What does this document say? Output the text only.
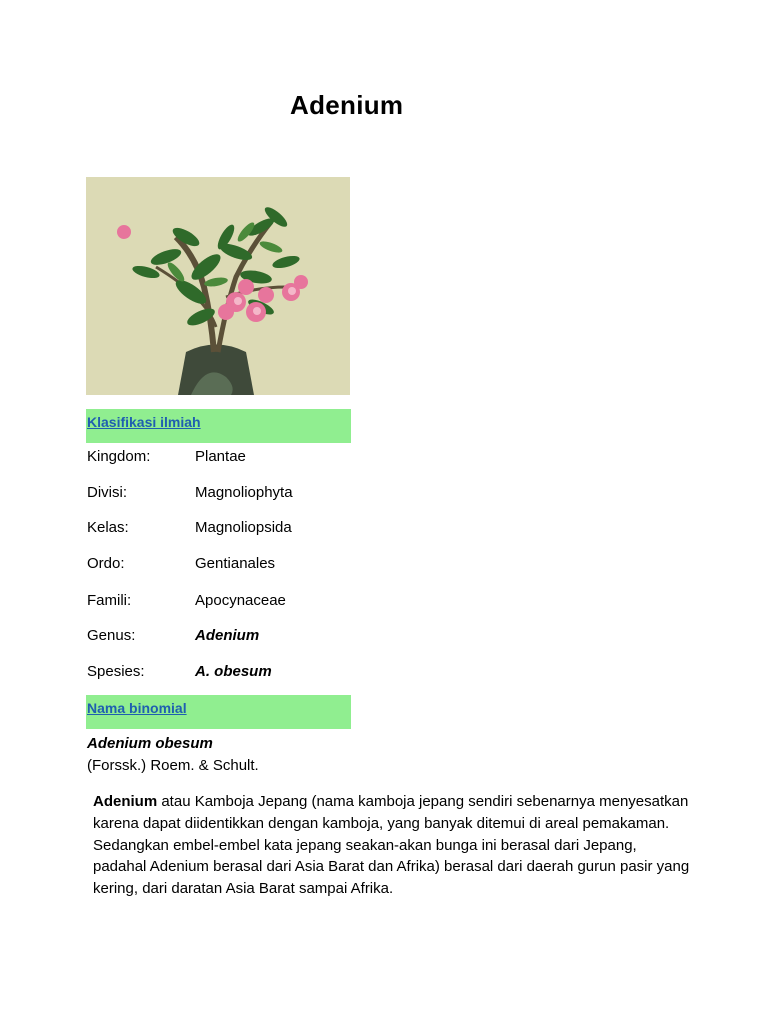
Adenium
Klasifikasi ilmiah
Kingdom:	Plantae
Divisi:	Magnoliophyta
Kelas:	Magnoliopsida
Ordo:	Gentianales
Famili:	Apocynaceae
Genus:	Adenium
Spesies:	A. obesum
Nama binomial
Adenium obesum
(Forssk.) Roem. & Schult.
Adenium atau Kamboja Jepang (nama kamboja jepang sendiri sebenarnya menyesatkan karena dapat diidentikkan dengan kamboja, yang banyak ditemui di areal pemakaman. Sedangkan embel-embel kata jepang seakan-akan bunga ini berasal dari Jepang, padahal Adenium berasal dari Asia Barat dan Afrika) berasal dari daerah gurun pasir yang kering, dari daratan Asia Barat sampai Afrika.
